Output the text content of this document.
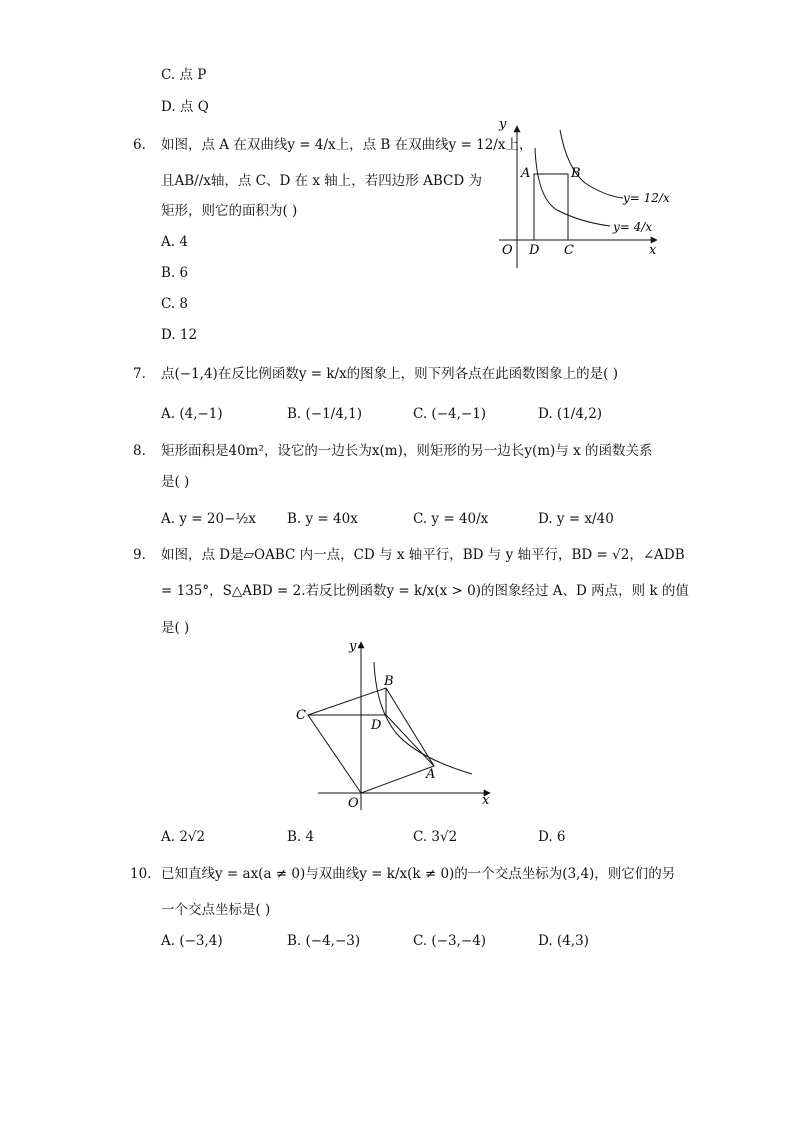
C. 点 P
D. 点 Q
6. 如图，点 A 在双曲线y = 4/x上，点 B 在双曲线y = 12/x上，
且AB//x轴，点 C、D 在 x 轴上，若四边形 ABCD 为
矩形，则它的面积为( )
A. 4
B. 6
C. 8
D. 12
y
x
O
A	B
C
D
y= 12/x
y= 4/x
7. 点(−1,4)在反比例函数y = k/x的图象上，则下列各点在此函数图象上的是( )
A. (4,−1)	B. (−1/4,1)	C. (−4,−1)	D. (1/4,2)
8. 矩形面积是40m²，设它的一边长为x(m)，则矩形的另一边长y(m)与 x 的函数关系
是( )
A. y = 20−½x B. y = 40x	C. y = 40/x	D. y = x/40
9. 如图，点 D是▱OABC 内一点，CD 与 x 轴平行，BD 与 y 轴平行，BD = √2，∠ADB
= 135°，S△ABD = 2.若反比例函数y = k/x(x > 0)的图象经过 A、D 两点，则 k 的值
是( )
y
x
O
A
B
C
D
A. 2√2	B. 4	C. 3√2	D. 6
10. 已知直线y = ax(a ≠ 0)与双曲线y = k/x(k ≠ 0)的一个交点坐标为(3,4)，则它们的另
一个交点坐标是( )
A. (−3,4)	B. (−4,−3)	C. (−3,−4)	D. (4,3)
